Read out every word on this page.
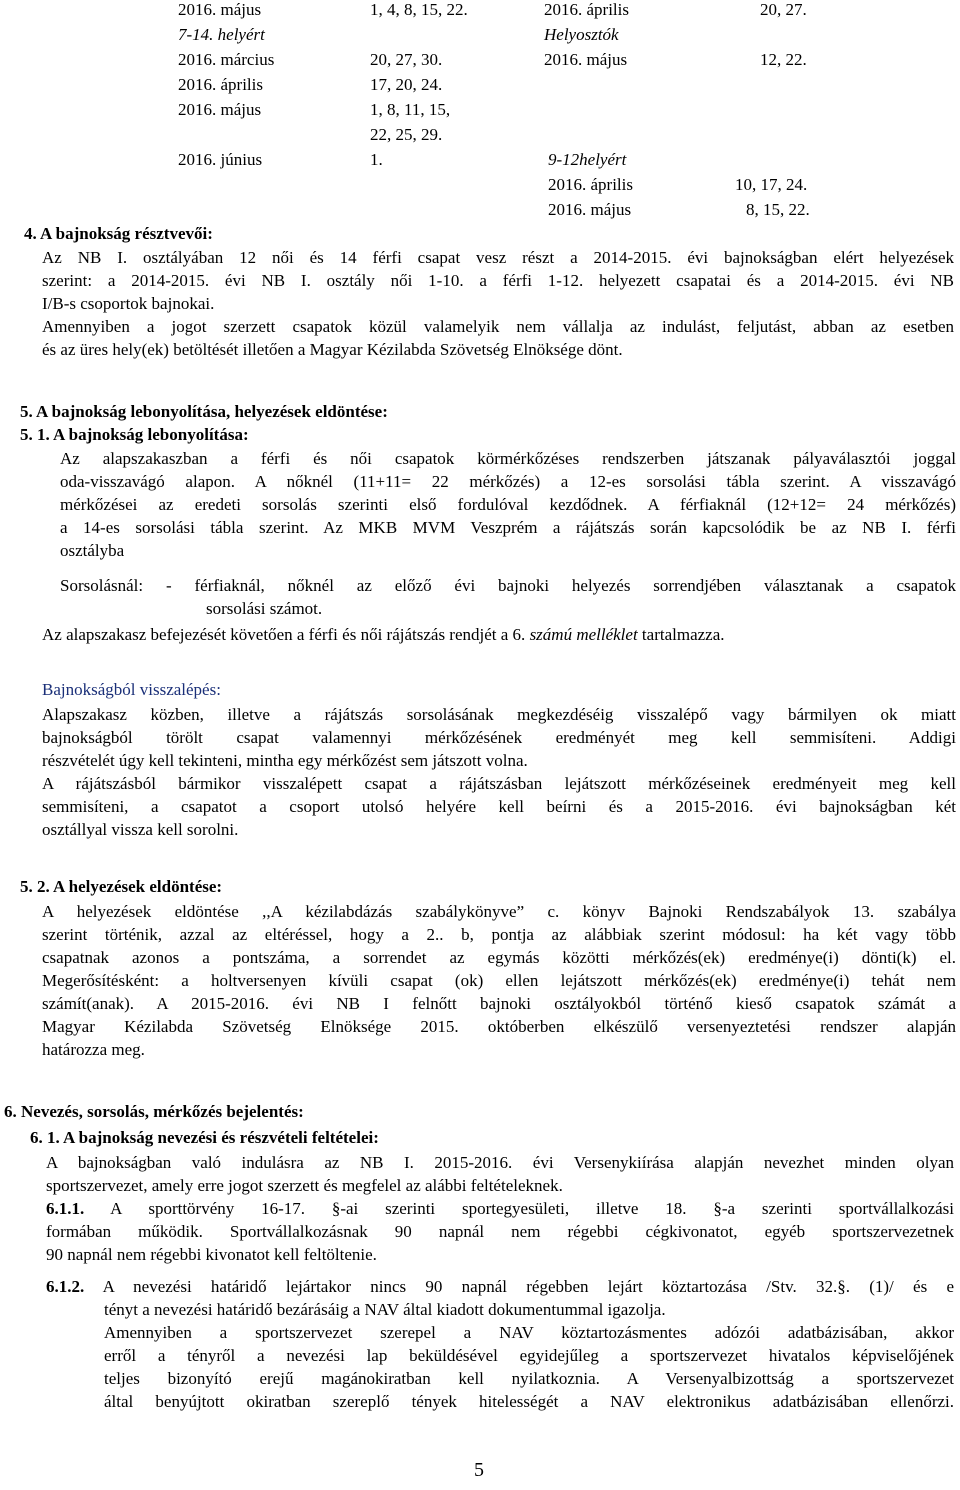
2016. május	1, 4, 8, 15, 22.
7-14. helyért
2016. március	20, 27, 30.
2016. április	17, 20, 24.
2016. május	1, 8, 11, 15,
22, 25, 29.
2016. június	1.
2016. április	20, 27.
Helyosztók
2016. május	12, 22.
9-12helyért
2016. április	10, 17, 24.
2016. május	8, 15, 22.
4. A bajnokság résztvevői:
Az NB I. osztályában 12 női és 14 férfi csapat vesz részt a 2014-2015. évi bajnokságban elért helyezések
szerint: a 2014-2015. évi NB I. osztály női 1-10. a férfi 1-12. helyezett csapatai és a 2014-2015. évi NB
I/B-s csoportok bajnokai.
Amennyiben a jogot szerzett csapatok közül valamelyik nem vállalja az indulást, feljutást, abban az esetben
és az üres hely(ek) betöltését illetően a Magyar Kézilabda Szövetség Elnöksége dönt.
5. A bajnokság lebonyolítása, helyezések eldöntése:
5. 1. A bajnokság lebonyolítása:
Az alapszakaszban a férfi és női csapatok körmérkőzéses rendszerben játszanak pályaválasztói joggal
oda-visszavágó alapon. A nőknél (11+11= 22 mérkőzés) a 12-es sorsolási tábla szerint. A visszavágó
mérkőzései az eredeti sorsolás szerinti első fordulóval kezdődnek. A férfiaknál (12+12= 24 mérkőzés)
a 14-es sorsolási tábla szerint. Az MKB MVM Veszprém a rájátszás során kapcsolódik be az NB I. férfi
osztályba
Sorsolásnál: - férfiaknál, nőknél az előző évi bajnoki helyezés sorrendjében választanak a csapatok
sorsolási számot.
Az alapszakasz befejezését követően a férfi és női rájátszás rendjét a 6. számú melléklet tartalmazza.
Bajnokságból visszalépés:
Alapszakasz közben, illetve a rájátszás sorsolásának megkezdéséig visszalépő vagy bármilyen ok miatt
bajnokságból törölt csapat valamennyi mérkőzésének eredményét meg kell semmisíteni. Addigi
részvételét úgy kell tekinteni, mintha egy mérkőzést sem játszott volna.
A rájátszásból bármikor visszalépett csapat a rájátszásban lejátszott mérkőzéseinek eredményeit meg kell
semmisíteni, a csapatot a csoport utolsó helyére kell beírni és a 2015-2016. évi bajnokságban két
osztállyal vissza kell sorolni.
5. 2. A helyezések eldöntése:
A helyezések eldöntése ,,A kézilabdázás szabálykönyve” c. könyv Bajnoki Rendszabályok 13. szabálya
szerint történik, azzal az eltéréssel, hogy a 2.. b, pontja az alábbiak szerint módosul: ha két vagy több
csapatnak azonos a pontszáma, a sorrendet az egymás közötti mérkőzés(ek) eredménye(i) dönti(k) el.
Megerősítésként: a holtversenyen kívüli csapat (ok) ellen lejátszott mérkőzés(ek) eredménye(i) tehát nem
számít(anak). A 2015-2016. évi NB I felnőtt bajnoki osztályokból történő kieső csapatok számát a
Magyar Kézilabda Szövetség Elnöksége 2015. októberben elkészülő versenyeztetési rendszer alapján
határozza meg.
6. Nevezés, sorsolás, mérkőzés bejelentés:
6. 1. A bajnokság nevezési és részvételi feltételei:
A bajnokságban való indulásra az NB I. 2015-2016. évi Versenykiírása alapján nevezhet minden olyan
sportszervezet, amely erre jogot szerzett és megfelel az alábbi feltételeknek.
6.1.1. A sporttörvény 16-17. §-ai szerinti sportegyesületi, illetve 18. §-a szerinti sportvállalkozási
formában működik. Sportvállalkozásnak 90 napnál nem régebbi cégkivonatot, egyéb sportszervezetnek
90 napnál nem régebbi kivonatot kell feltöltenie.
6.1.2. A nevezési határidő lejártakor nincs 90 napnál régebben lejárt köztartozása /Stv. 32.§. (1)/ és e
tényt a nevezési határidő bezárásáig a NAV által kiadott dokumentummal igazolja.
Amennyiben a sportszervezet szerepel a NAV köztartozásmentes adózói adatbázisában, akkor
erről a tényről a nevezési lap beküldésével egyidejűleg a sportszervezet hivatalos képviselőjének
teljes bizonyító erejű magánokiratban kell nyilatkoznia. A Versenyalbizottság a sportszervezet
által benyújtott okiratban szereplő tények hitelességét a NAV elektronikus adatbázisában ellenőrzi.
5
